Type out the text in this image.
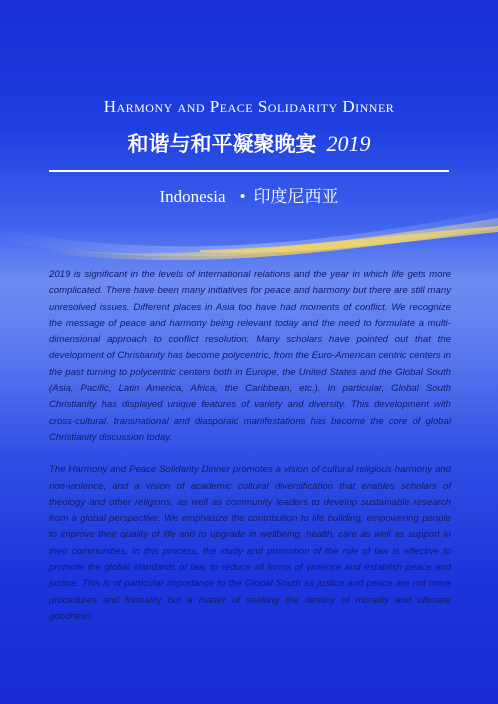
Harmony and Peace Solidarity Dinner
和谐与和平凝聚晚宴 2019
Indonesia • 印度尼西亚

2019 is significant in the levels of international relations and the year in which life gets more complicated. There have been many initiatives for peace and harmony but there are still many unresolved issues. Different places in Asia too have had moments of conflict. We recognize the message of peace and harmony being relevant today and the need to formulate a multi-dimensional approach to conflict resolution. Many scholars have pointed out that the development of Christianity has become polycentric, from the Euro-American centric centers in the past turning to polycentric centers both in Europe, the United States and the Global South (Asia, Pacific, Latin America, Africa, the Caribbean, etc.). In particular, Global South Christianity has displayed unique features of variety and diversity. This development with cross-cultural, transnational and diasporaic manifestations has become the core of global Christianity discussion today.

The Harmony and Peace Solidarity Dinner promotes a vision of cultural religious harmony and non-violence, and a vision of academic cultural diversification that enables scholars of theology and other religions, as well as community leaders to develop sustainable research from a global perspective. We emphasize the contribution to life building, empowering people to improve their quality of life and to upgrade in wellbeing, health, care as well as support in their communities. In this process, the study and promotion of the rule of law is effective to promote the global standards of law, to reduce all forms of violence and establish peace and justice. This is of particular importance to the Global South as justice and peace are not mere procedures and formality but a matter of seeking the destiny of morality and ultimate goodness.
